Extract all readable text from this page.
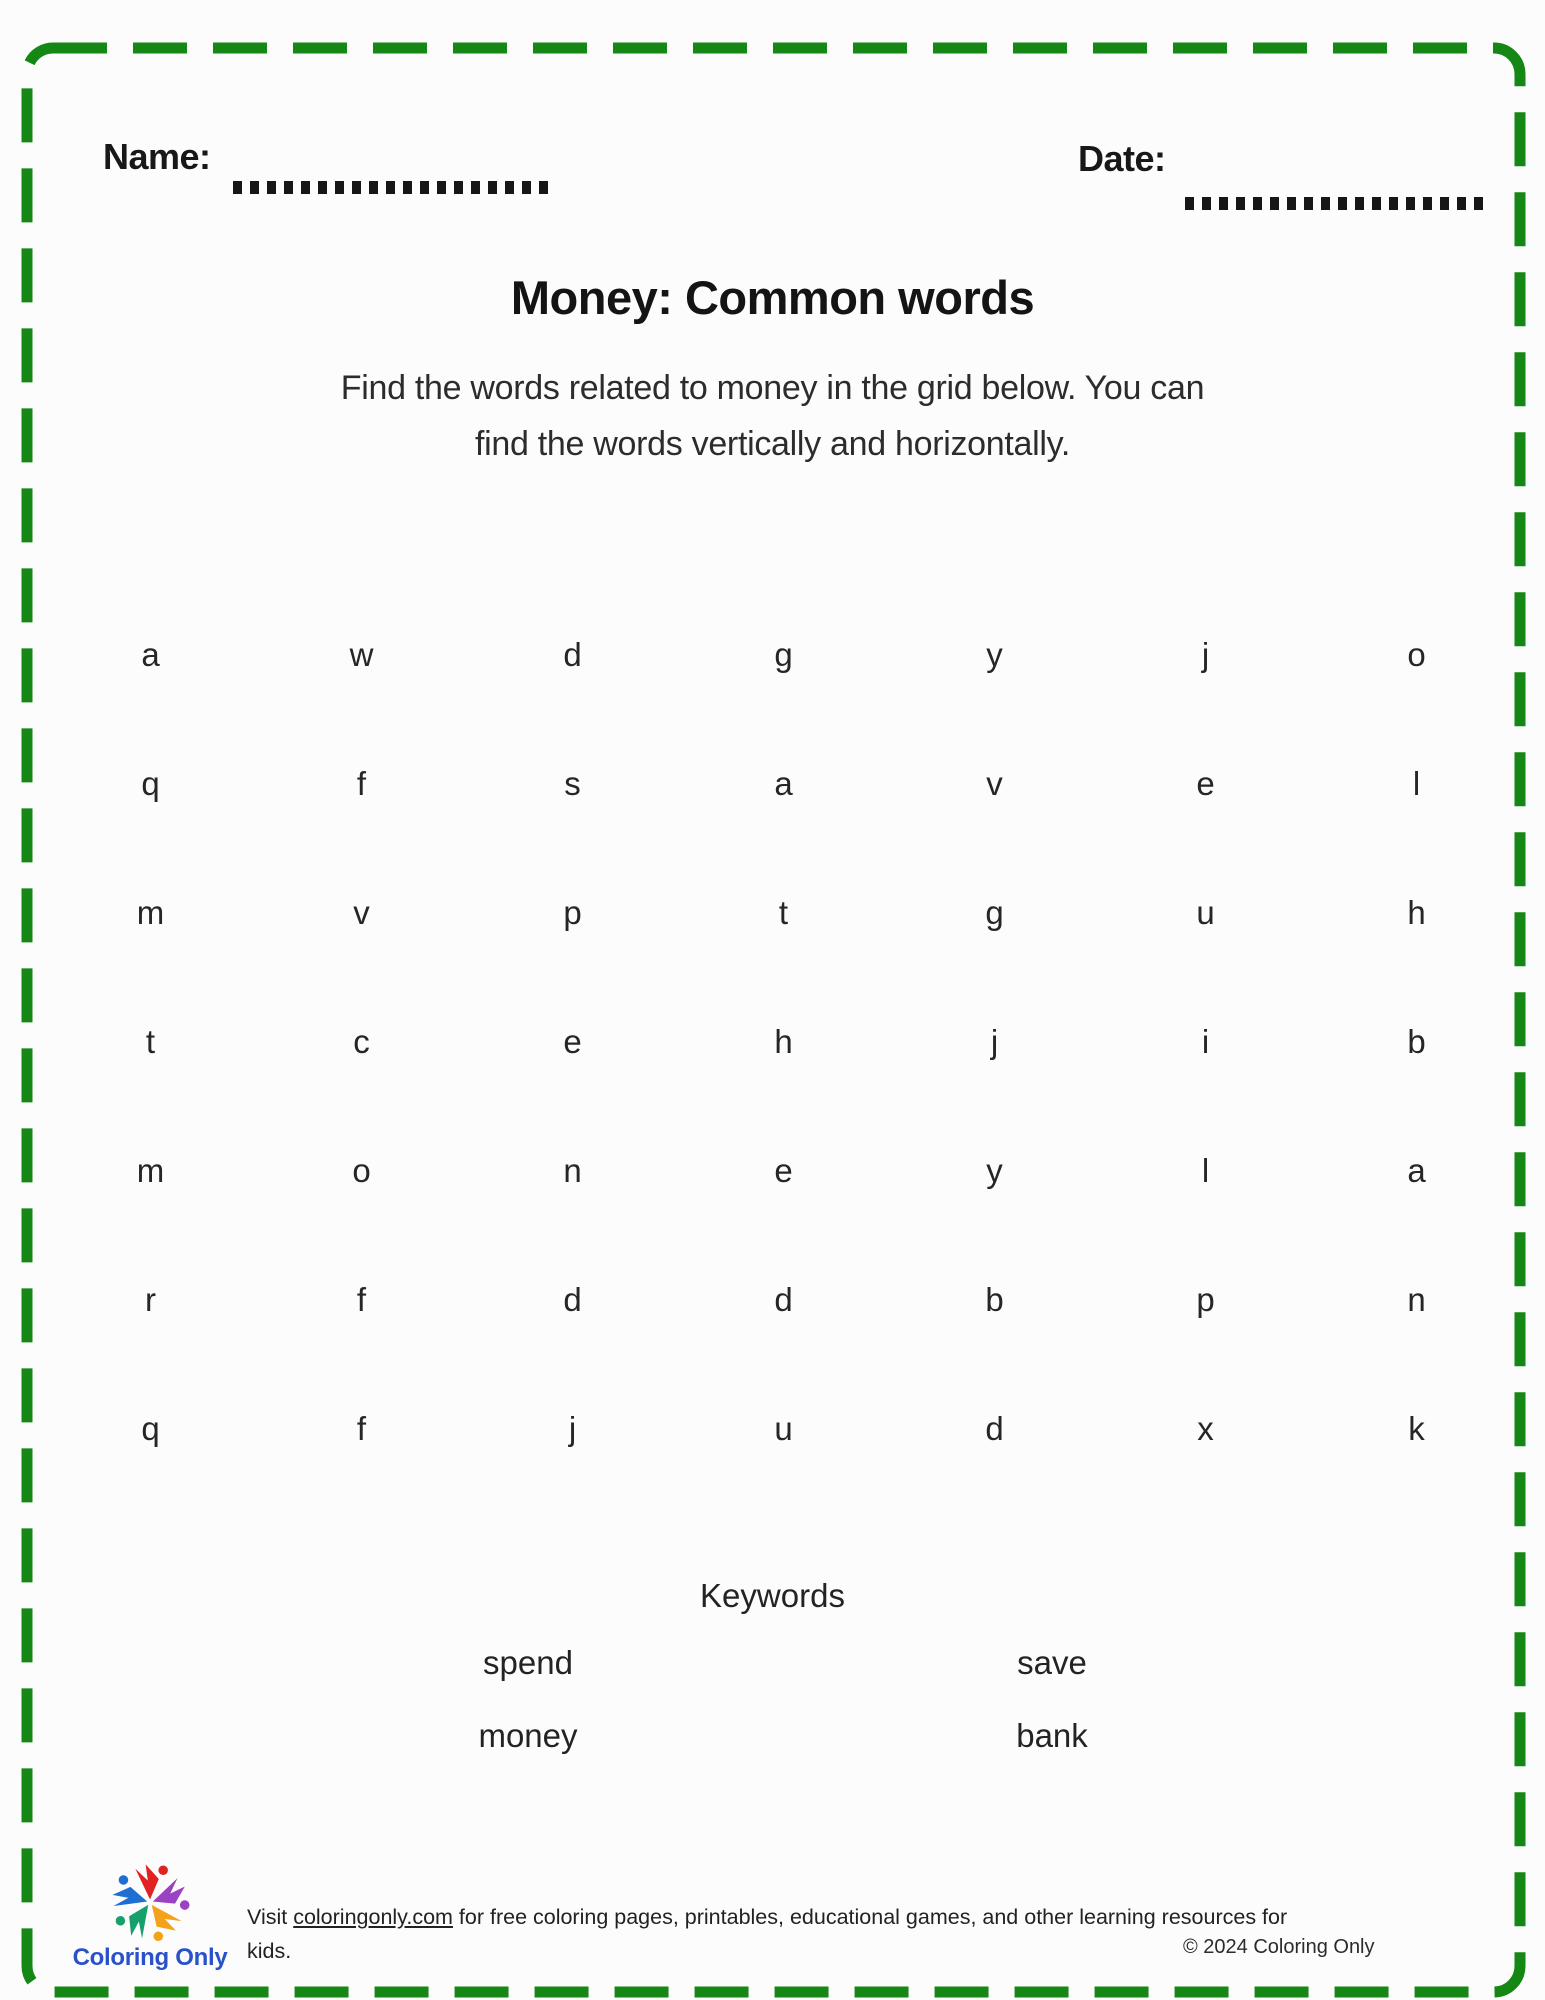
Name:	Date:
Money: Common words
Find the words related to money in the grid below. You can
find the words vertically and horizontally.
a	w	d	g	y	j	o
q	f	s	a	v	e	l
m	v	p	t	g	u	h
t	c	e	h	j	i	b
m	o	n	e	y	l	a
r	f	d	d	b	p	n
q	f	j	u	d	x	k
Keywords
spend	save
money	bank
Coloring Only
Visit coloringonly.com for free coloring pages, printables, educational games, and other learning resources for
kids.	© 2024 Coloring Only
